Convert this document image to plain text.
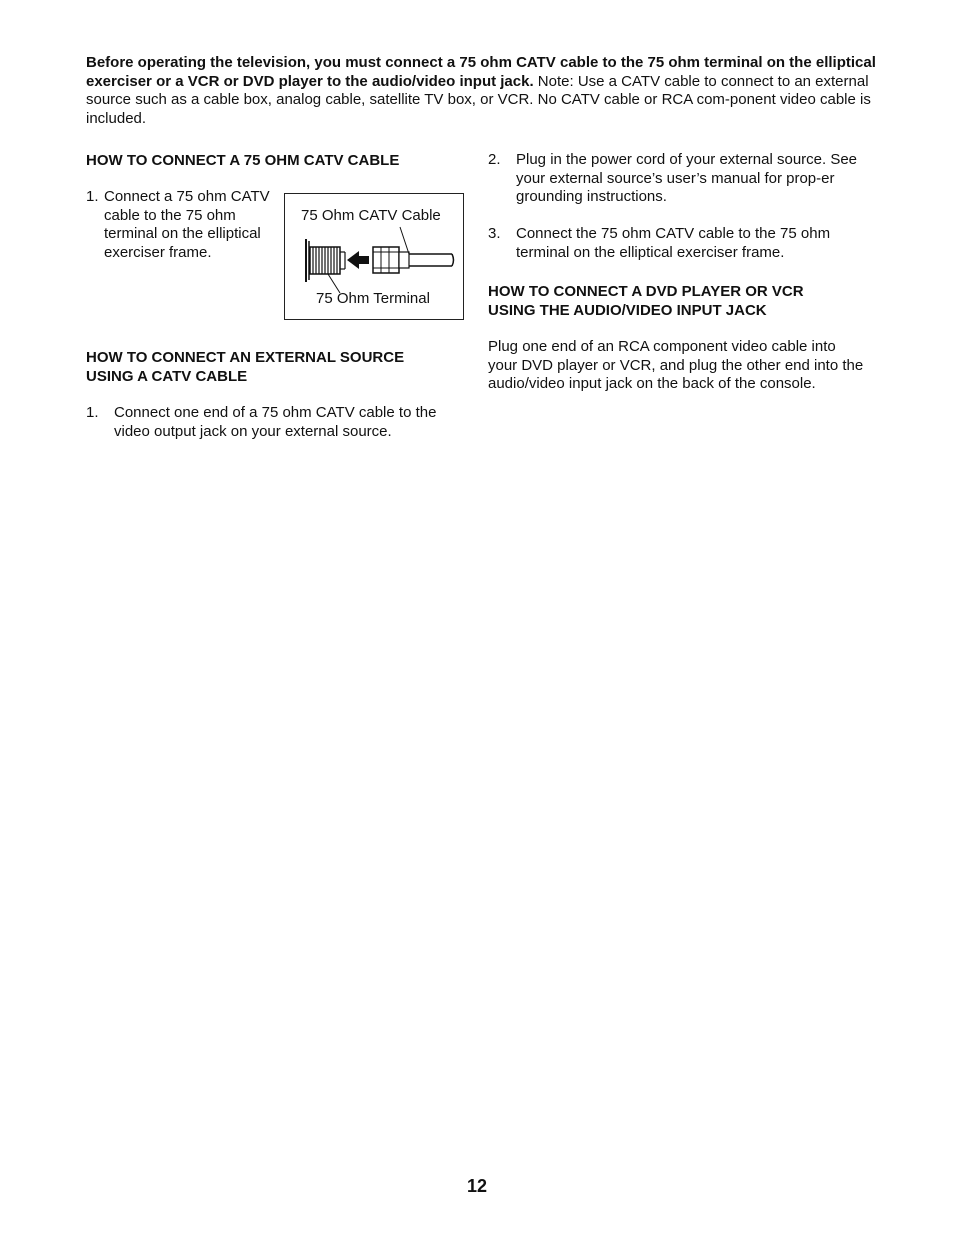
Before operating the television, you must connect a 75 ohm CATV cable to the 75 ohm terminal on the elliptical exerciser or a VCR or DVD player to the audio/video input jack. Note: Use a CATV cable to connect to an external source such as a cable box, analog cable, satellite TV box, or VCR. No CATV cable or RCA com-ponent video cable is included.
HOW TO CONNECT A 75 OHM CATV CABLE
1. Connect a 75 ohm CATV cable to the 75 ohm terminal on the elliptical exerciser frame.
75 Ohm CATV Cable
75 Ohm Terminal
HOW TO CONNECT AN EXTERNAL SOURCE
USING A CATV CABLE
1. Connect one end of a 75 ohm CATV cable to the video output jack on your external source.
2. Plug in the power cord of your external source. See your external source’s user’s manual for prop-er grounding instructions.
3. Connect the 75 ohm CATV cable to the 75 ohm terminal on the elliptical exerciser frame.
HOW TO CONNECT A DVD PLAYER OR VCR
USING THE AUDIO/VIDEO INPUT JACK
Plug one end of an RCA component video cable into your DVD player or VCR, and plug the other end into the audio/video input jack on the back of the console.
12
